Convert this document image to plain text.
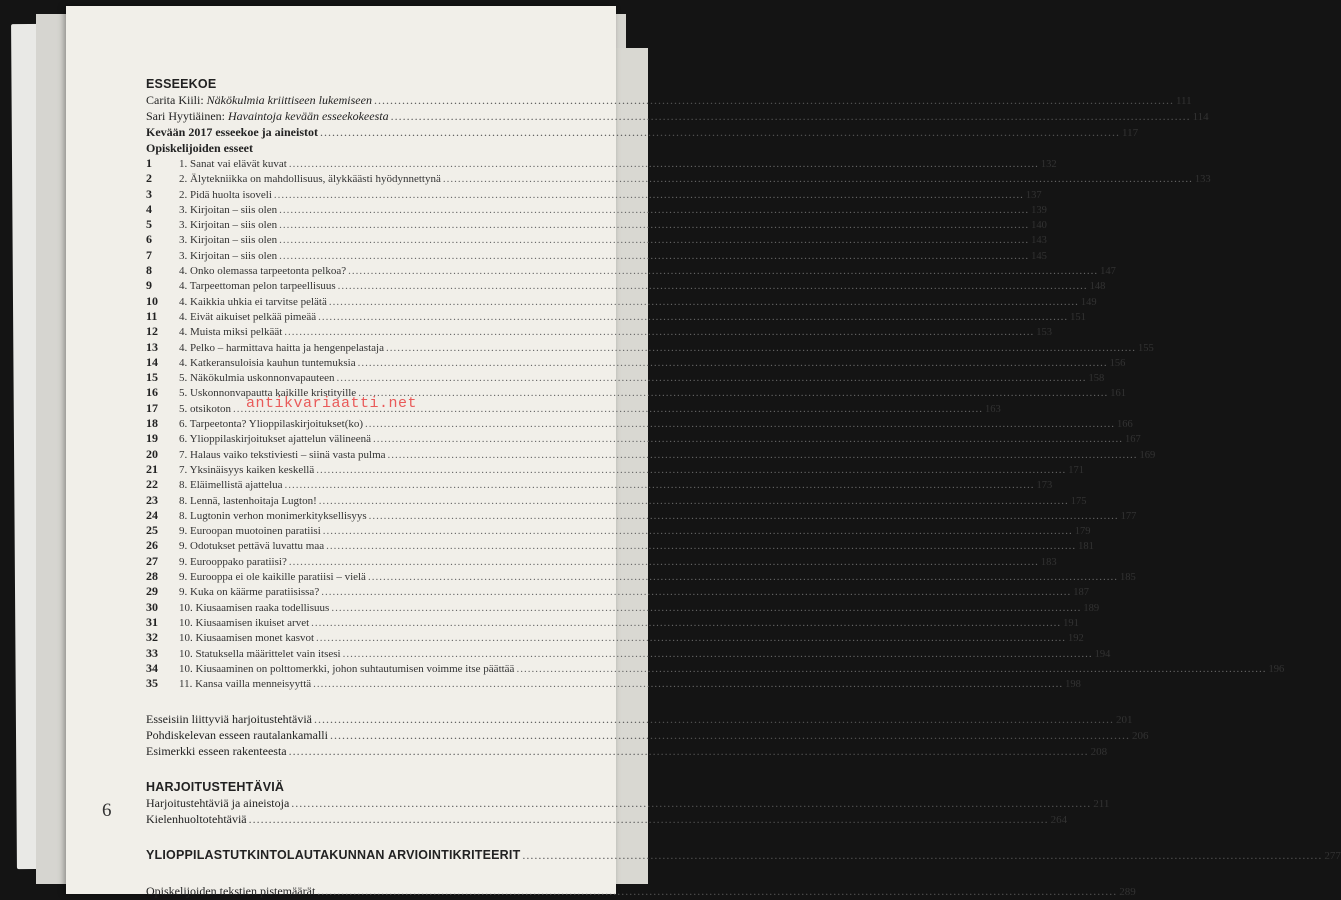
ESSEEKOE
Carita Kiili: Näkökulmia kriittiseen lukemiseen .....	111
Sari Hyytiäinen: Havaintoja kevään esseekokeesta .....	114
Kevään 2017 esseekoe ja aineistot .....	117
Opiskelijoiden esseet
1	1. Sanat vai elävät kuvat .....	132
2	2. Älytekniikka on mahdollisuus, älykkäästi hyödynnettynä .....	133
3	2. Pidä huolta isoveli .....	137
4	3. Kirjoitan – siis olen .....	139
5	3. Kirjoitan – siis olen .....	140
6	3. Kirjoitan – siis olen .....	143
7	3. Kirjoitan – siis olen .....	145
8	4. Onko olemassa tarpeetonta pelkoa? .....	147
9	4. Tarpeettoman pelon tarpeellisuus .....	148
10	4. Kaikkia uhkia ei tarvitse pelätä .....	149
11	4. Eivät aikuiset pelkää pimeää .....	151
12	4. Muista miksi pelkäät .....	153
13	4. Pelko – harmittava haitta ja hengenpelastaja .....	155
14	4. Katkeransuloisia kauhun tuntemuksia .....	156
15	5. Näkökulmia uskonnonvapauteen .....	158
16	5. Uskonnonvapautta kaikille kristityille .....	161
17	5. otsikoton .....	163
18	6. Tarpeetonta? Ylioppilaskirjoitukset(ko) .....	166
19	6. Ylioppilaskirjoitukset ajattelun välineenä .....	167
20	7. Halaus vaiko tekstiviesti – siinä vasta pulma .....	169
21	7. Yksinäisyys kaiken keskellä .....	171
22	8. Eläimellistä ajattelua .....	173
23	8. Lennä, lastenhoitaja Lugton! .....	175
24	8. Lugtonin verhon monimerkityksellisyys .....	177
25	9. Euroopan muotoinen paratiisi .....	179
26	9. Odotukset pettävä luvattu maa .....	181
27	9. Eurooppako paratiisi? .....	183
28	9. Eurooppa ei ole kaikille paratiisi – vielä .....	185
29	9. Kuka on käärme paratiisissa? .....	187
30	10. Kiusaamisen raaka todellisuus .....	189
31	10. Kiusaamisen ikuiset arvet .....	191
32	10. Kiusaamisen monet kasvot .....	192
33	10. Statuksella määrittelet vain itsesi .....	194
34	10. Kiusaaminen on polttomerkki, johon suhtautumisen voimme itse päättää .....	196
35	11. Kansa vailla menneisyyttä .....	198
Esseisiin liittyviä harjoitustehtäviä .....	201
Pohdiskelevan esseen rautalankamalli .....	206
Esimerkki esseen rakenteesta .....	208
HARJOITUSTEHTÄVIÄ
Harjoitustehtäviä ja aineistoja .....	211
Kielenhuoltotehtäviä .....	264
YLIOPPILASTUTKINTOLAUTAKUNNAN ARVIOINTIKRITEERIT .....	277
Opiskelijoiden tekstien pistemäärät .....	289
6
antikvariaatti.net
